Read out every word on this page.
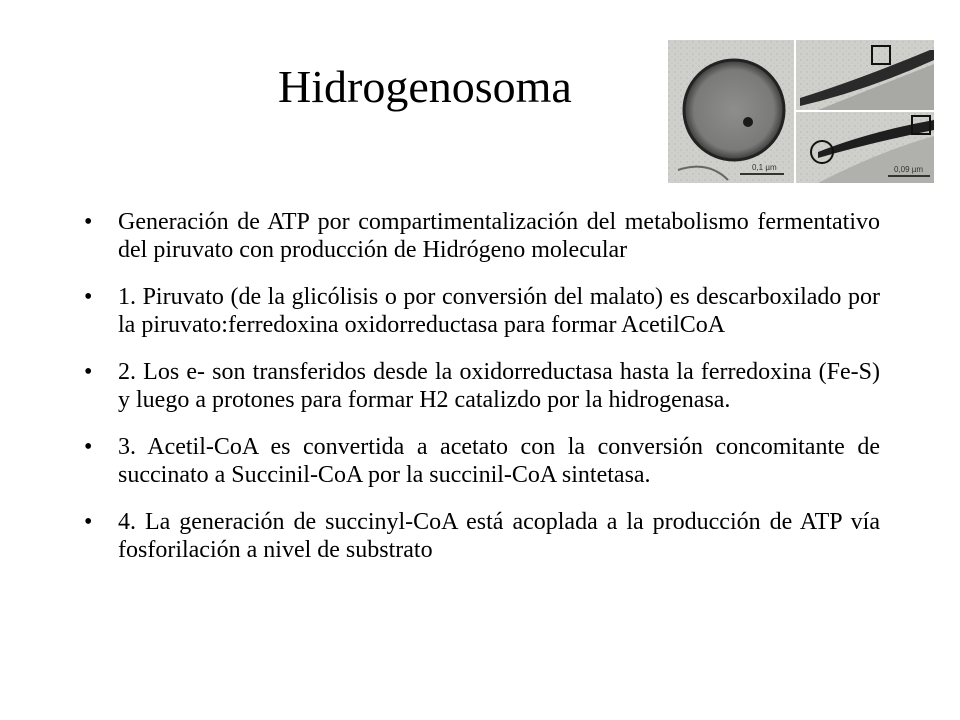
Hidrogenosoma
0,1 µm	0,09 µm
• Generación de ATP por compartimentalización del metabolismo fermentativo del piruvato con producción de Hidrógeno molecular
• 1. Piruvato (de la glicólisis o por conversión del malato) es descarboxilado por la piruvato:ferredoxina oxidorreductasa para formar AcetilCoA
• 2. Los e- son transferidos desde la oxidorreductasa hasta la ferredoxina (Fe-S) y luego a protones para formar H2 catalizdo por la hidrogenasa.
• 3. Acetil-CoA es convertida a acetato con la conversión concomitante de succinato a Succinil-CoA por la succinil-CoA sintetasa.
• 4. La generación de succinyl-CoA está acoplada a la producción de ATP vía fosforilación a nivel de substrato
